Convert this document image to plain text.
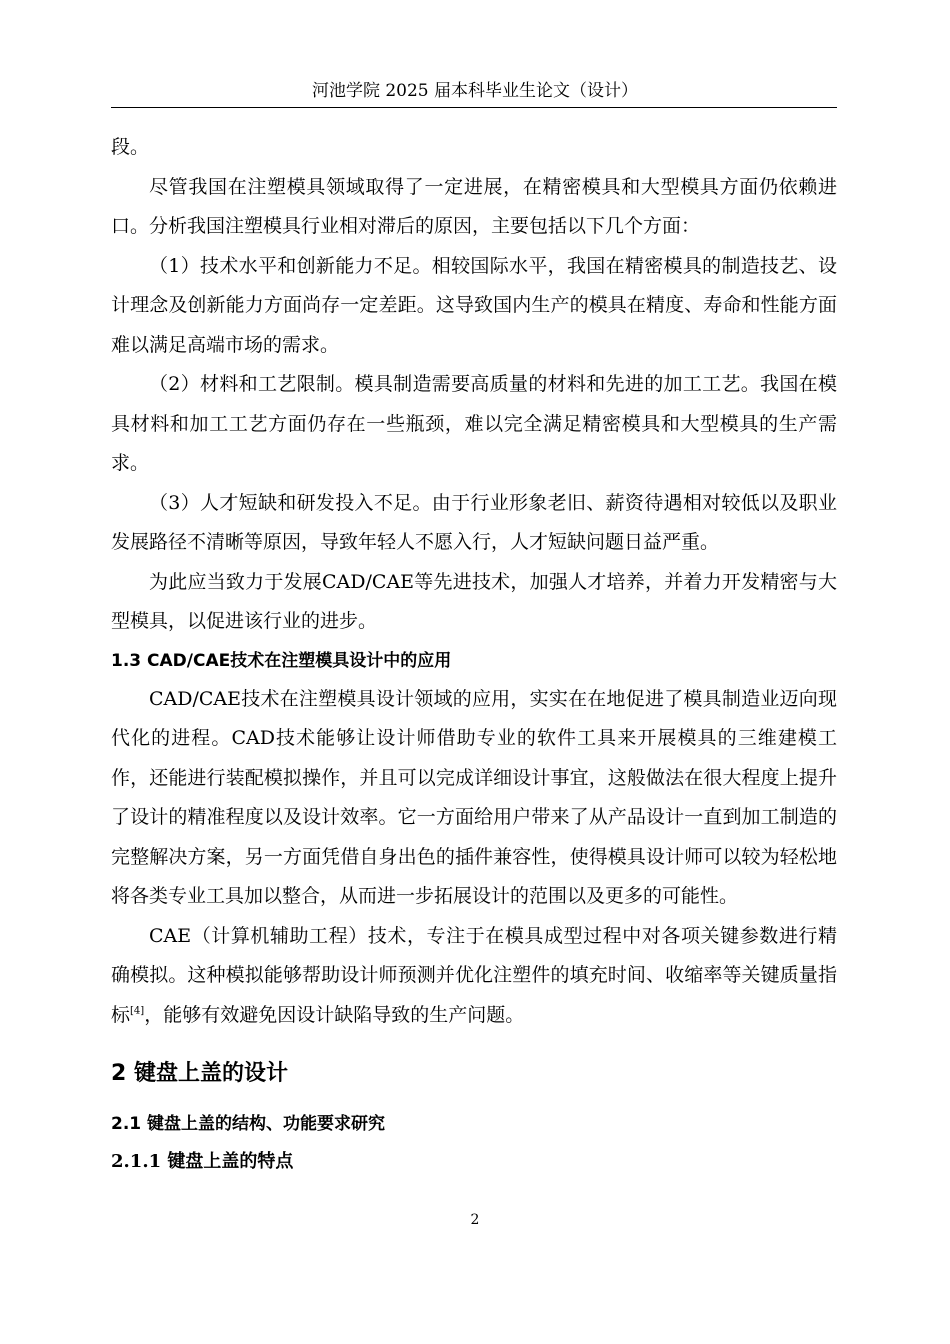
河池学院 2025 届本科毕业生论文（设计）

段。

尽管我国在注塑模具领域取得了一定进展，在精密模具和大型模具方面仍依赖进口。分析我国注塑模具行业相对滞后的原因，主要包括以下几个方面：

（1）技术水平和创新能力不足。相较国际水平，我国在精密模具的制造技艺、设计理念及创新能力方面尚存一定差距。这导致国内生产的模具在精度、寿命和性能方面难以满足高端市场的需求。

（2）材料和工艺限制。模具制造需要高质量的材料和先进的加工工艺。我国在模具材料和加工工艺方面仍存在一些瓶颈，难以完全满足精密模具和大型模具的生产需求。

（3）人才短缺和研发投入不足。由于行业形象老旧、薪资待遇相对较低以及职业发展路径不清晰等原因，导致年轻人不愿入行，人才短缺问题日益严重。

为此应当致力于发展CAD/CAE等先进技术，加强人才培养，并着力开发精密与大型模具，以促进该行业的进步。

1.3 CAD/CAE技术在注塑模具设计中的应用

CAD/CAE技术在注塑模具设计领域的应用，实实在在地促进了模具制造业迈向现代化的进程。CAD技术能够让设计师借助专业的软件工具来开展模具的三维建模工作，还能进行装配模拟操作，并且可以完成详细设计事宜，这般做法在很大程度上提升了设计的精准程度以及设计效率。它一方面给用户带来了从产品设计一直到加工制造的完整解决方案，另一方面凭借自身出色的插件兼容性，使得模具设计师可以较为轻松地将各类专业工具加以整合，从而进一步拓展设计的范围以及更多的可能性。

CAE（计算机辅助工程）技术，专注于在模具成型过程中对各项关键参数进行精确模拟。这种模拟能够帮助设计师预测并优化注塑件的填充时间、收缩率等关键质量指标[4]，能够有效避免因设计缺陷导致的生产问题。

2 键盘上盖的设计
2.1 键盘上盖的结构、功能要求研究
2.1.1 键盘上盖的特点
2
